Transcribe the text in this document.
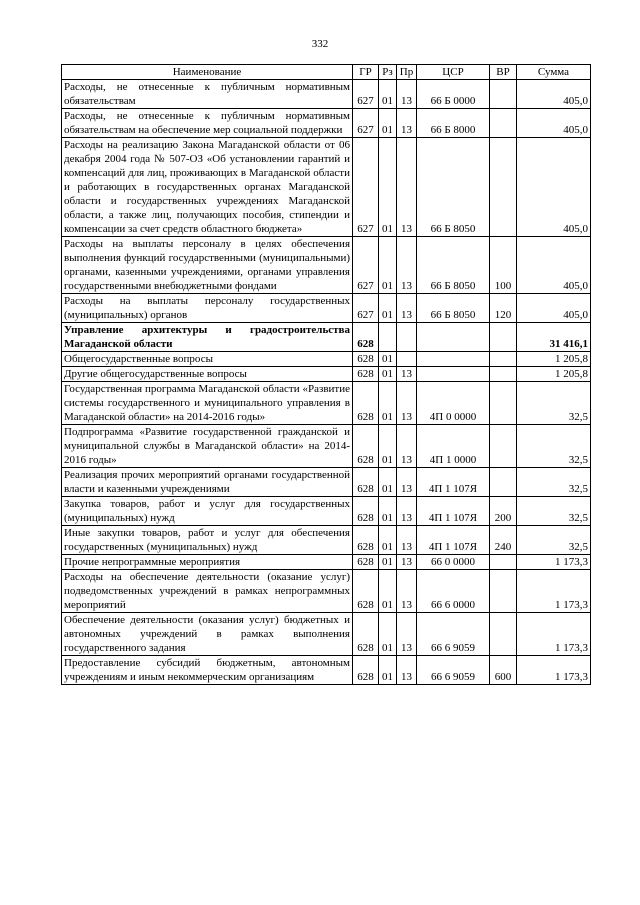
332
Наименование	ГР	Рз	Пр	ЦСР	ВР	Сумма
Расходы, не отнесенные к публичным нормативным обязательствам	627	01	13	66 Б 0000		405,0
Расходы, не отнесенные к публичным нормативным обязательствам на обеспечение мер социальной поддержки	627	01	13	66 Б 8000		405,0
Расходы на реализацию Закона Магаданской области от 06 декабря 2004 года № 507-ОЗ «Об установлении гарантий и компенсаций для лиц, проживающих в Магаданской области и работающих в государственных органах Магаданской области и государственных учреждениях Магаданской области, а также лиц, получающих пособия, стипендии и компенсации за счет средств областного бюджета»	627	01	13	66 Б 8050		405,0
Расходы на выплаты персоналу в целях обеспечения выполнения функций государственными (муниципальными) органами, казенными учреждениями, органами управления государственными внебюджетными фондами	627	01	13	66 Б 8050	100	405,0
Расходы на выплаты персоналу государственных (муниципальных) органов	627	01	13	66 Б 8050	120	405,0
Управление архитектуры и градостроительства Магаданской области	628					31 416,1
Общегосударственные вопросы	628	01				1 205,8
Другие общегосударственные вопросы	628	01	13			1 205,8
Государственная программа Магаданской области «Развитие системы государственного и муниципального управления в Магаданской области» на 2014-2016 годы»	628	01	13	4П 0 0000		32,5
Подпрограмма «Развитие государственной гражданской и муниципальной службы в Магаданской области» на 2014-2016 годы»	628	01	13	4П 1 0000		32,5
Реализация прочих мероприятий органами государственной власти и казенными учреждениями	628	01	13	4П 1 107Я		32,5
Закупка товаров, работ и услуг для государственных (муниципальных) нужд	628	01	13	4П 1 107Я	200	32,5
Иные закупки товаров, работ и услуг для обеспечения государственных (муниципальных) нужд	628	01	13	4П 1 107Я	240	32,5
Прочие непрограммные мероприятия	628	01	13	66 0 0000		1 173,3
Расходы на обеспечение деятельности (оказание услуг) подведомственных учреждений в рамках непрограммных мероприятий	628	01	13	66 6 0000		1 173,3
Обеспечение деятельности (оказания услуг) бюджетных и автономных учреждений в рамках выполнения государственного задания	628	01	13	66 6 9059		1 173,3
Предоставление субсидий бюджетным, автономным учреждениям и иным некоммерческим организациям	628	01	13	66 6 9059	600	1 173,3
